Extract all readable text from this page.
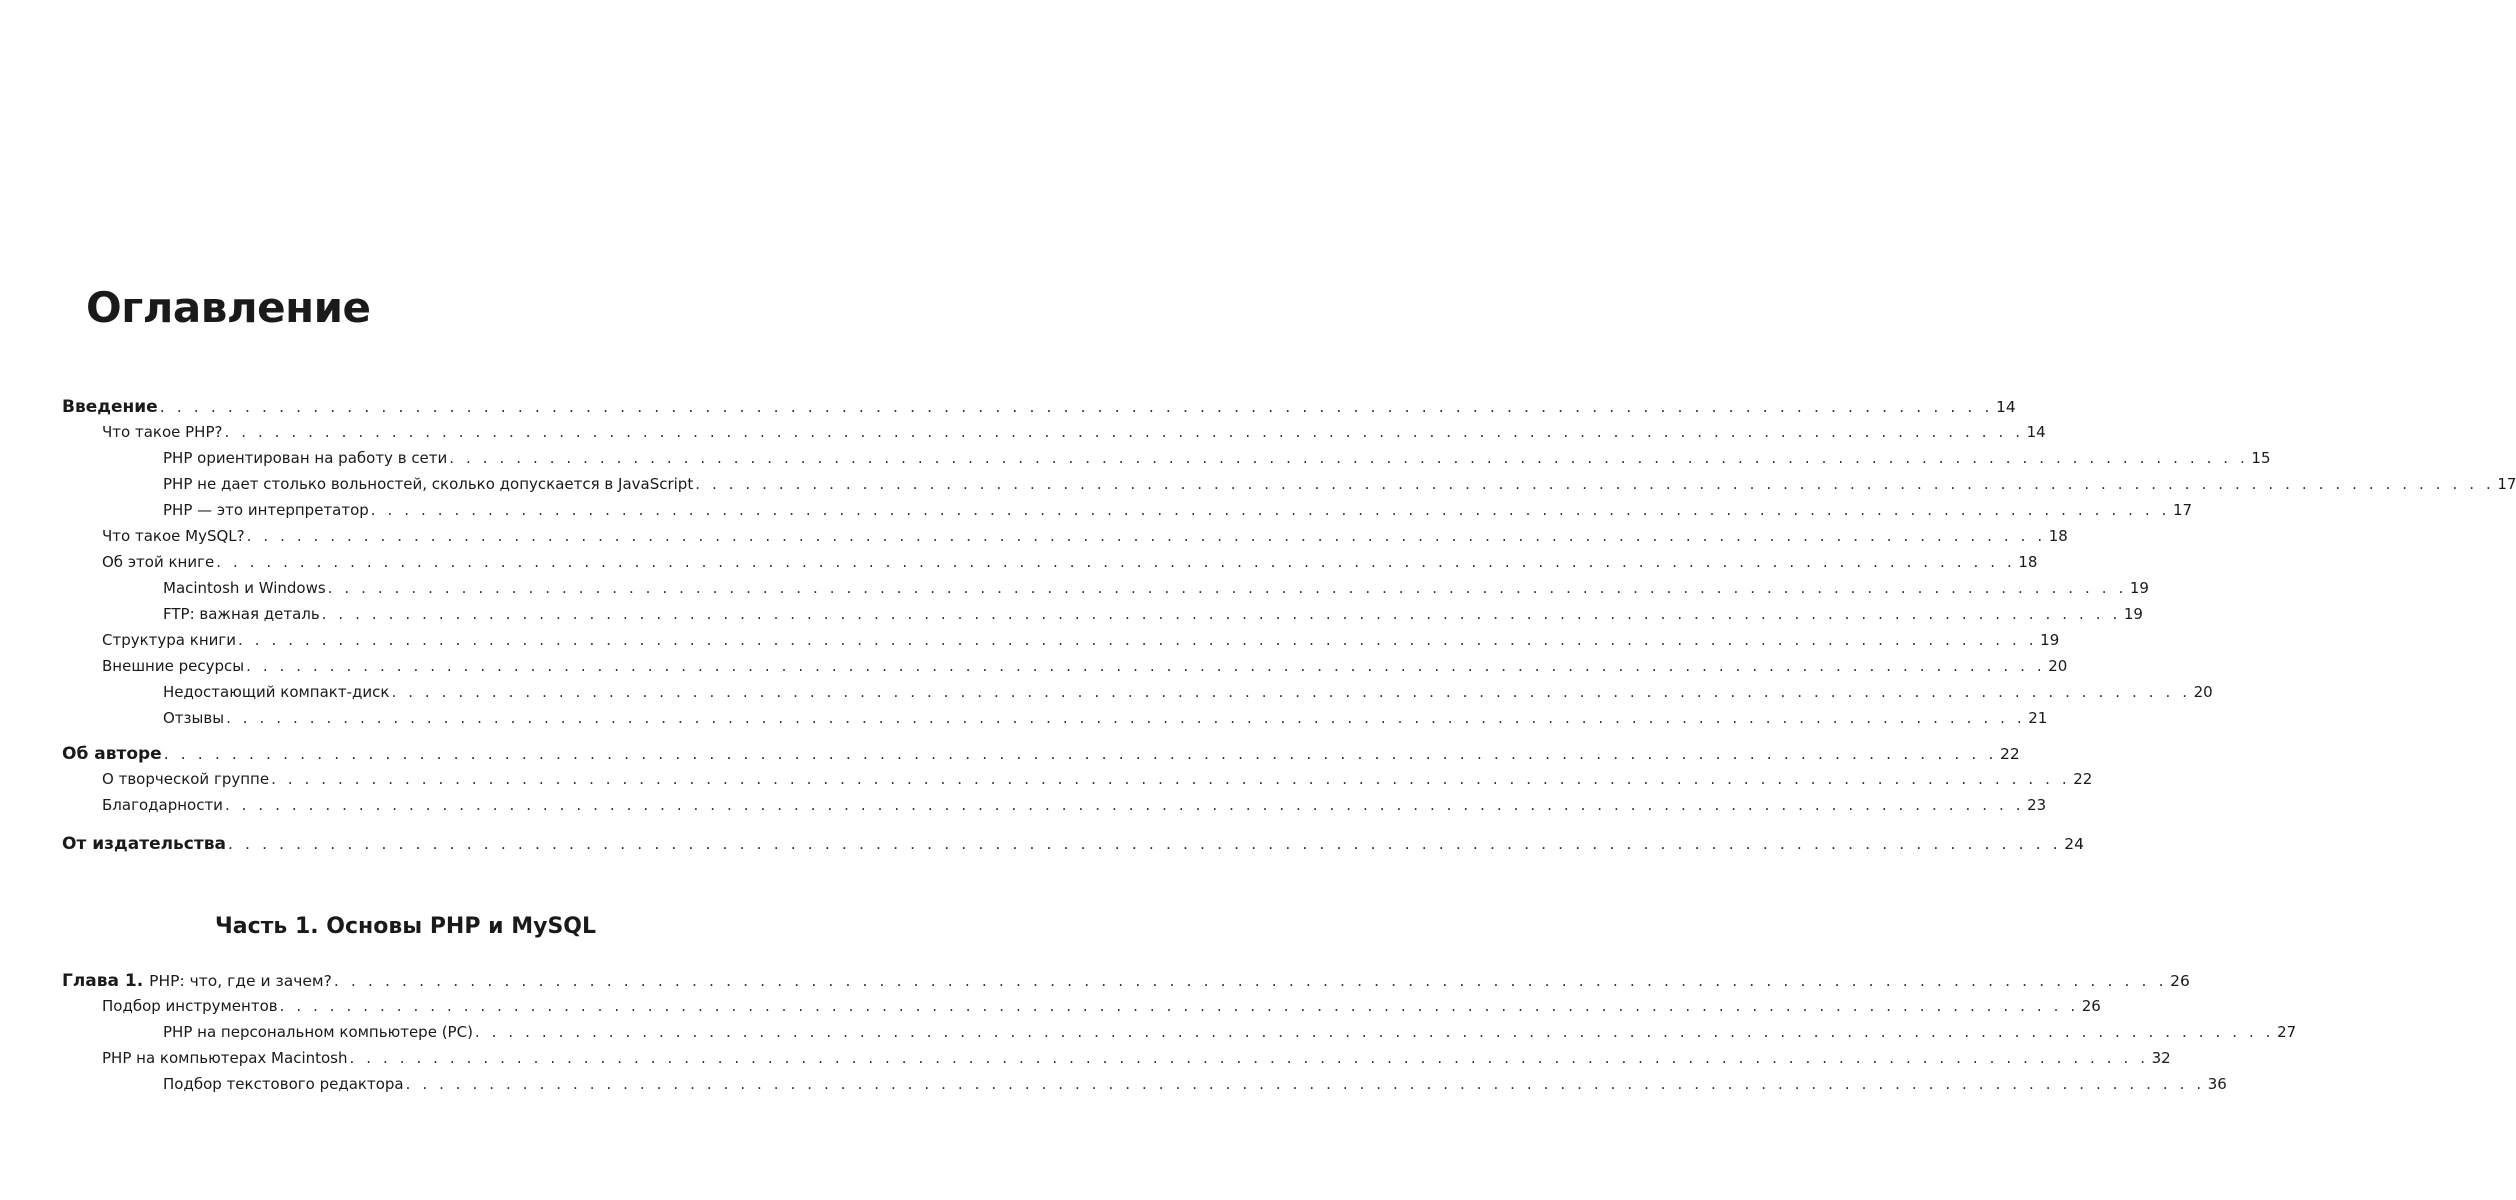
Оглавление
Введение . . . . . . . . . . . . . . . . . . . . . . . . . . . . . . . . . . . . . . . . . . . . . . . . . . . . . . . . . . . . . . . . . . . . . . . . . . . . . . . . . . . . . . . . . . . . . . . . . . . . . . . . . . . . 14
Что такое PHP? . . . . . . . . . . . . . . . . . . . . . . . . . . . . . . . . . . . . . . . . . . . . . . . . . . . . . . . . . . . . . . . . . . . . . . . . . . . . . . . . . . . . . . . . . . . . . . . . . . . . . . . . . . . . 14
PHP ориентирован на работу в сети . . . . . . . . . . . . . . . . . . . . . . . . . . . . . . . . . . . . . . . . . . . . . . . . . . . . . . . . . . . . . . . . . . . . . . . . . . . . . . . . . . . . . . . . . . . . . . . . . . . . . . . . . . . . 15
PHP не дает столько вольностей, сколько допускается в JavaScript . . . . . . . . . . . . . . . . . . . . . . . . . . . . . . . . . . . . . . . . . . . . . . . . . . . . . . . . . . . . . . . . . . . . . . . . . . . . . . . . . . . . . . . . . . . . . . . . . . . . . . . . . . . . 17
PHP — это интерпретатор . . . . . . . . . . . . . . . . . . . . . . . . . . . . . . . . . . . . . . . . . . . . . . . . . . . . . . . . . . . . . . . . . . . . . . . . . . . . . . . . . . . . . . . . . . . . . . . . . . . . . . . . . . . . 17
Что такое MySQL? . . . . . . . . . . . . . . . . . . . . . . . . . . . . . . . . . . . . . . . . . . . . . . . . . . . . . . . . . . . . . . . . . . . . . . . . . . . . . . . . . . . . . . . . . . . . . . . . . . . . . . . . . . . . 18
Об этой книге . . . . . . . . . . . . . . . . . . . . . . . . . . . . . . . . . . . . . . . . . . . . . . . . . . . . . . . . . . . . . . . . . . . . . . . . . . . . . . . . . . . . . . . . . . . . . . . . . . . . . . . . . . . . 18
Macintosh и Windows . . . . . . . . . . . . . . . . . . . . . . . . . . . . . . . . . . . . . . . . . . . . . . . . . . . . . . . . . . . . . . . . . . . . . . . . . . . . . . . . . . . . . . . . . . . . . . . . . . . . . . . . . . . . 19
FTP: важная деталь . . . . . . . . . . . . . . . . . . . . . . . . . . . . . . . . . . . . . . . . . . . . . . . . . . . . . . . . . . . . . . . . . . . . . . . . . . . . . . . . . . . . . . . . . . . . . . . . . . . . . . . . . . . . 19
Структура книги . . . . . . . . . . . . . . . . . . . . . . . . . . . . . . . . . . . . . . . . . . . . . . . . . . . . . . . . . . . . . . . . . . . . . . . . . . . . . . . . . . . . . . . . . . . . . . . . . . . . . . . . . . . . 19
Внешние ресурсы . . . . . . . . . . . . . . . . . . . . . . . . . . . . . . . . . . . . . . . . . . . . . . . . . . . . . . . . . . . . . . . . . . . . . . . . . . . . . . . . . . . . . . . . . . . . . . . . . . . . . . . . . . . . 20
Недостающий компакт-диск . . . . . . . . . . . . . . . . . . . . . . . . . . . . . . . . . . . . . . . . . . . . . . . . . . . . . . . . . . . . . . . . . . . . . . . . . . . . . . . . . . . . . . . . . . . . . . . . . . . . . . . . . . . . 20
Отзывы . . . . . . . . . . . . . . . . . . . . . . . . . . . . . . . . . . . . . . . . . . . . . . . . . . . . . . . . . . . . . . . . . . . . . . . . . . . . . . . . . . . . . . . . . . . . . . . . . . . . . . . . . . . . 21
Об авторе . . . . . . . . . . . . . . . . . . . . . . . . . . . . . . . . . . . . . . . . . . . . . . . . . . . . . . . . . . . . . . . . . . . . . . . . . . . . . . . . . . . . . . . . . . . . . . . . . . . . . . . . . . . . 22
О творческой группе . . . . . . . . . . . . . . . . . . . . . . . . . . . . . . . . . . . . . . . . . . . . . . . . . . . . . . . . . . . . . . . . . . . . . . . . . . . . . . . . . . . . . . . . . . . . . . . . . . . . . . . . . . . . 22
Благодарности . . . . . . . . . . . . . . . . . . . . . . . . . . . . . . . . . . . . . . . . . . . . . . . . . . . . . . . . . . . . . . . . . . . . . . . . . . . . . . . . . . . . . . . . . . . . . . . . . . . . . . . . . . . . 23
От издательства . . . . . . . . . . . . . . . . . . . . . . . . . . . . . . . . . . . . . . . . . . . . . . . . . . . . . . . . . . . . . . . . . . . . . . . . . . . . . . . . . . . . . . . . . . . . . . . . . . . . . . . . . . . . 24
Часть 1. Основы PHP и MySQL
Глава 1. PHP: что, где и зачем? . . . . . . . . . . . . . . . . . . . . . . . . . . . . . . . . . . . . . . . . . . . . . . . . . . . . . . . . . . . . . . . . . . . . . . . . . . . . . . . . . . . . . . . . . . . . . . . . . . . . . . . . . . . . 26
Подбор инструментов . . . . . . . . . . . . . . . . . . . . . . . . . . . . . . . . . . . . . . . . . . . . . . . . . . . . . . . . . . . . . . . . . . . . . . . . . . . . . . . . . . . . . . . . . . . . . . . . . . . . . . . . . . . . 26
PHP на персональном компьютере (PC) . . . . . . . . . . . . . . . . . . . . . . . . . . . . . . . . . . . . . . . . . . . . . . . . . . . . . . . . . . . . . . . . . . . . . . . . . . . . . . . . . . . . . . . . . . . . . . . . . . . . . . . . . . . . 27
PHP на компьютерах Macintosh . . . . . . . . . . . . . . . . . . . . . . . . . . . . . . . . . . . . . . . . . . . . . . . . . . . . . . . . . . . . . . . . . . . . . . . . . . . . . . . . . . . . . . . . . . . . . . . . . . . . . . . . . . . . 32
Подбор текстового редактора . . . . . . . . . . . . . . . . . . . . . . . . . . . . . . . . . . . . . . . . . . . . . . . . . . . . . . . . . . . . . . . . . . . . . . . . . . . . . . . . . . . . . . . . . . . . . . . . . . . . . . . . . . . . 36
